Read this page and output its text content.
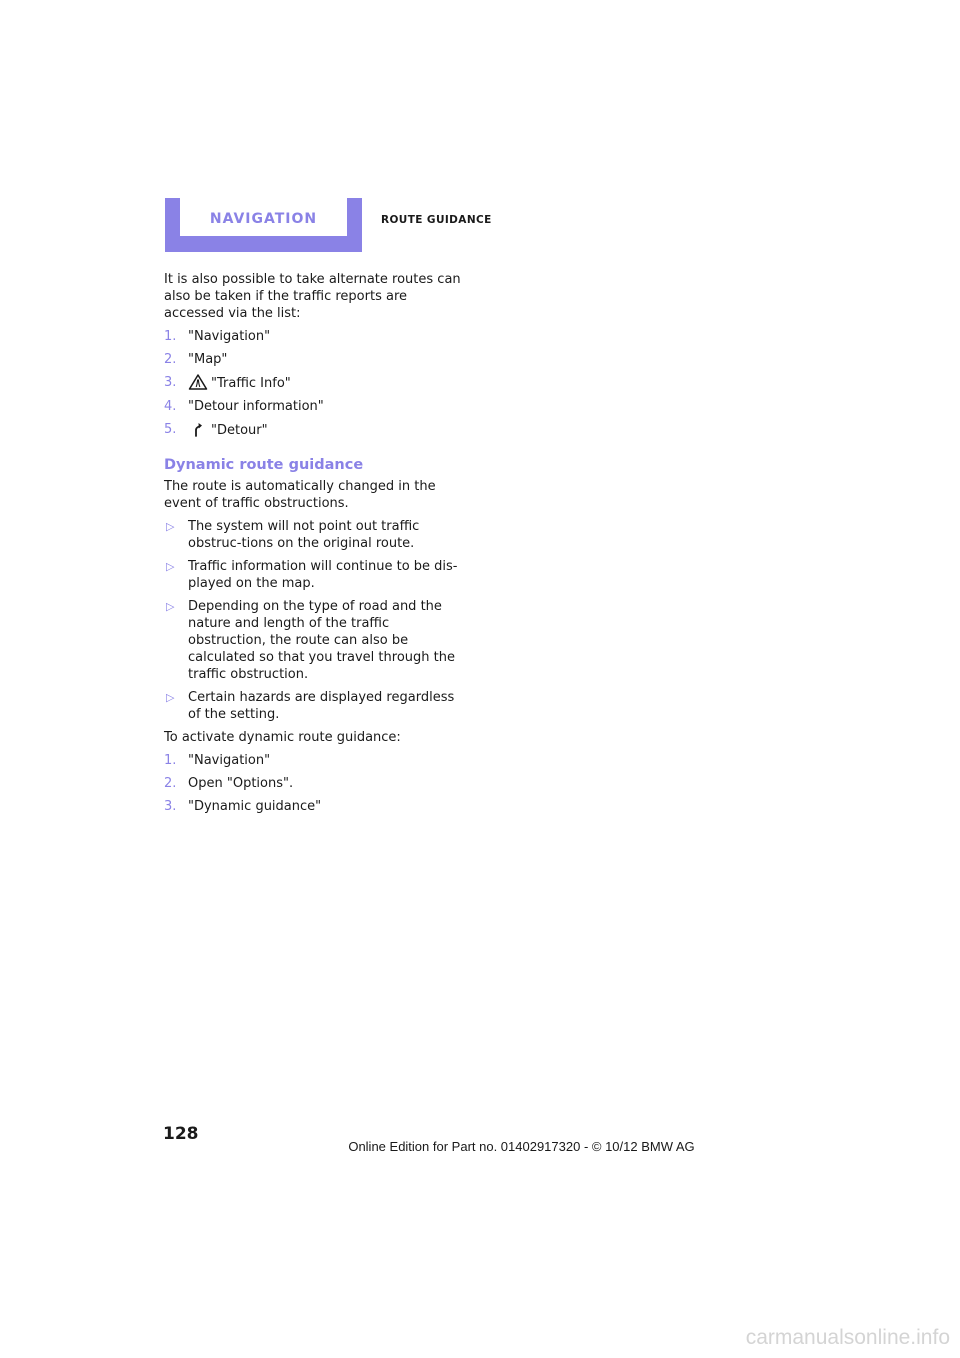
NAVIGATION	ROUTE GUIDANCE

It is also possible to take alternate routes can also be taken if the traffic reports are accessed via the list:

1. "Navigation"
2. "Map"
3.	"Traffic Info"
4. "Detour information"
5.	"Detour"
Dynamic route guidance

The route is automatically changed in the event of traffic obstructions.

▷	The system will not point out traffic obstruc-tions on the original route.
▷	Traffic information will continue to be dis-played on the map.
▷	Depending on the type of road and the nature and length of the traffic obstruction, the route can also be calculated so that you travel through the traffic obstruction.
▷	Certain hazards are displayed regardless of the setting.

To activate dynamic route guidance:

1. "Navigation"
2. Open "Options".
3. "Dynamic guidance"
128
Online Edition for Part no. 01402917320 - © 10/12 BMW AG
carmanualsonline.info
